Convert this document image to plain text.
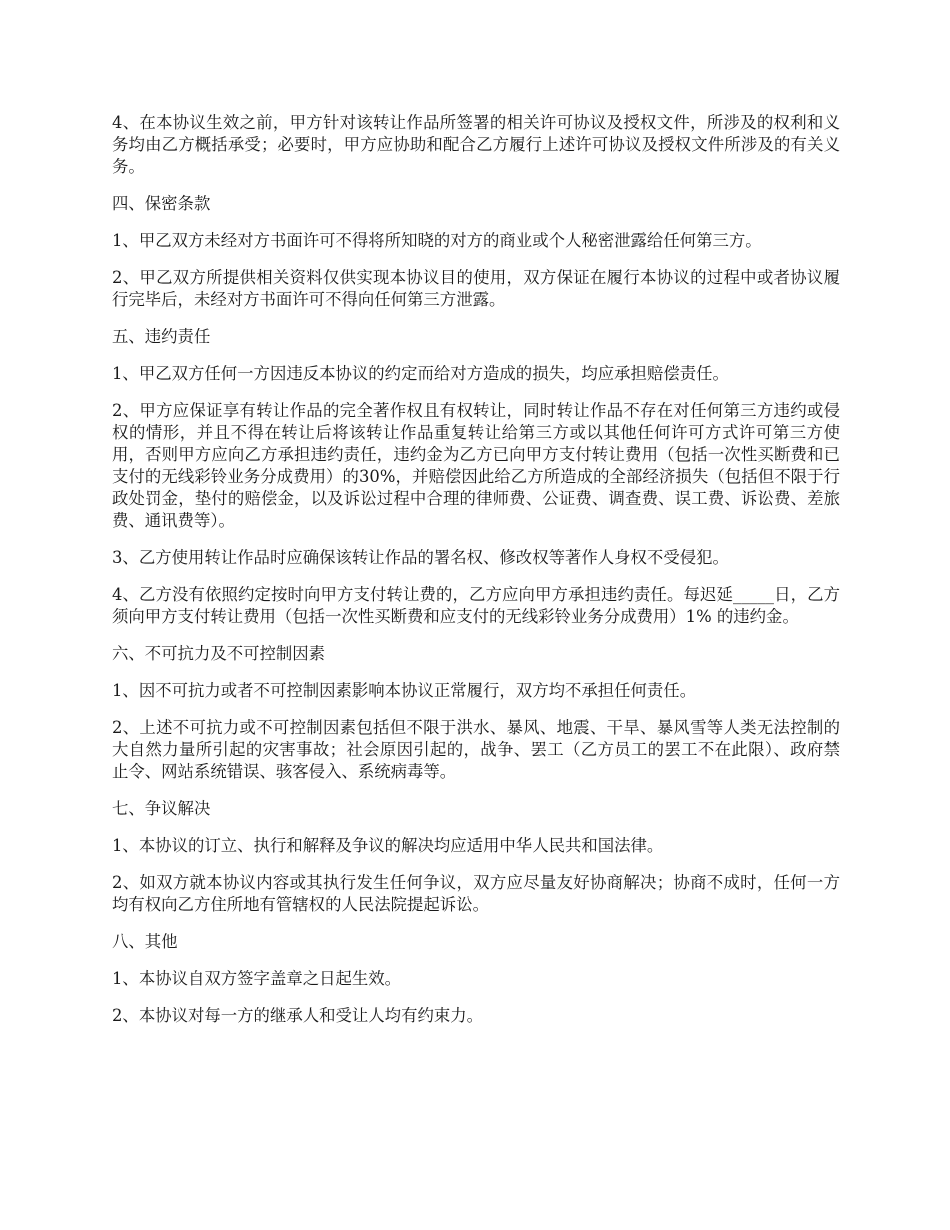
4、在本协议生效之前，甲方针对该转让作品所签署的相关许可协议及授权文件，所涉及的权利和义务均由乙方概括承受；必要时，甲方应协助和配合乙方履行上述许可协议及授权文件所涉及的有关义务。

四、保密条款

1、甲乙双方未经对方书面许可不得将所知晓的对方的商业或个人秘密泄露给任何第三方。

2、甲乙双方所提供相关资料仅供实现本协议目的使用，双方保证在履行本协议的过程中或者协议履行完毕后，未经对方书面许可不得向任何第三方泄露。

五、违约责任

1、甲乙双方任何一方因违反本协议的约定而给对方造成的损失，均应承担赔偿责任。

2、甲方应保证享有转让作品的完全著作权且有权转让，同时转让作品不存在对任何第三方违约或侵权的情形，并且不得在转让后将该转让作品重复转让给第三方或以其他任何许可方式许可第三方使用，否则甲方应向乙方承担违约责任，违约金为乙方已向甲方支付转让费用（包括一次性买断费和已支付的无线彩铃业务分成费用）的30%，并赔偿因此给乙方所造成的全部经济损失（包括但不限于行政处罚金，垫付的赔偿金，以及诉讼过程中合理的律师费、公证费、调查费、误工费、诉讼费、差旅费、通讯费等）。

3、乙方使用转让作品时应确保该转让作品的署名权、修改权等著作人身权不受侵犯。

4、乙方没有依照约定按时向甲方支付转让费的，乙方应向甲方承担违约责任。每迟延_____日，乙方须向甲方支付转让费用（包括一次性买断费和应支付的无线彩铃业务分成费用）1% 的违约金。

六、不可抗力及不可控制因素

1、因不可抗力或者不可控制因素影响本协议正常履行，双方均不承担任何责任。

2、上述不可抗力或不可控制因素包括但不限于洪水、暴风、地震、干旱、暴风雪等人类无法控制的大自然力量所引起的灾害事故；社会原因引起的，战争、罢工（乙方员工的罢工不在此限）、政府禁止令、网站系统错误、骇客侵入、系统病毒等。

七、争议解决

1、本协议的订立、执行和解释及争议的解决均应适用中华人民共和国法律。

2、如双方就本协议内容或其执行发生任何争议，双方应尽量友好协商解决；协商不成时，任何一方均有权向乙方住所地有管辖权的人民法院提起诉讼。

八、其他

1、本协议自双方签字盖章之日起生效。

2、本协议对每一方的继承人和受让人均有约束力。
